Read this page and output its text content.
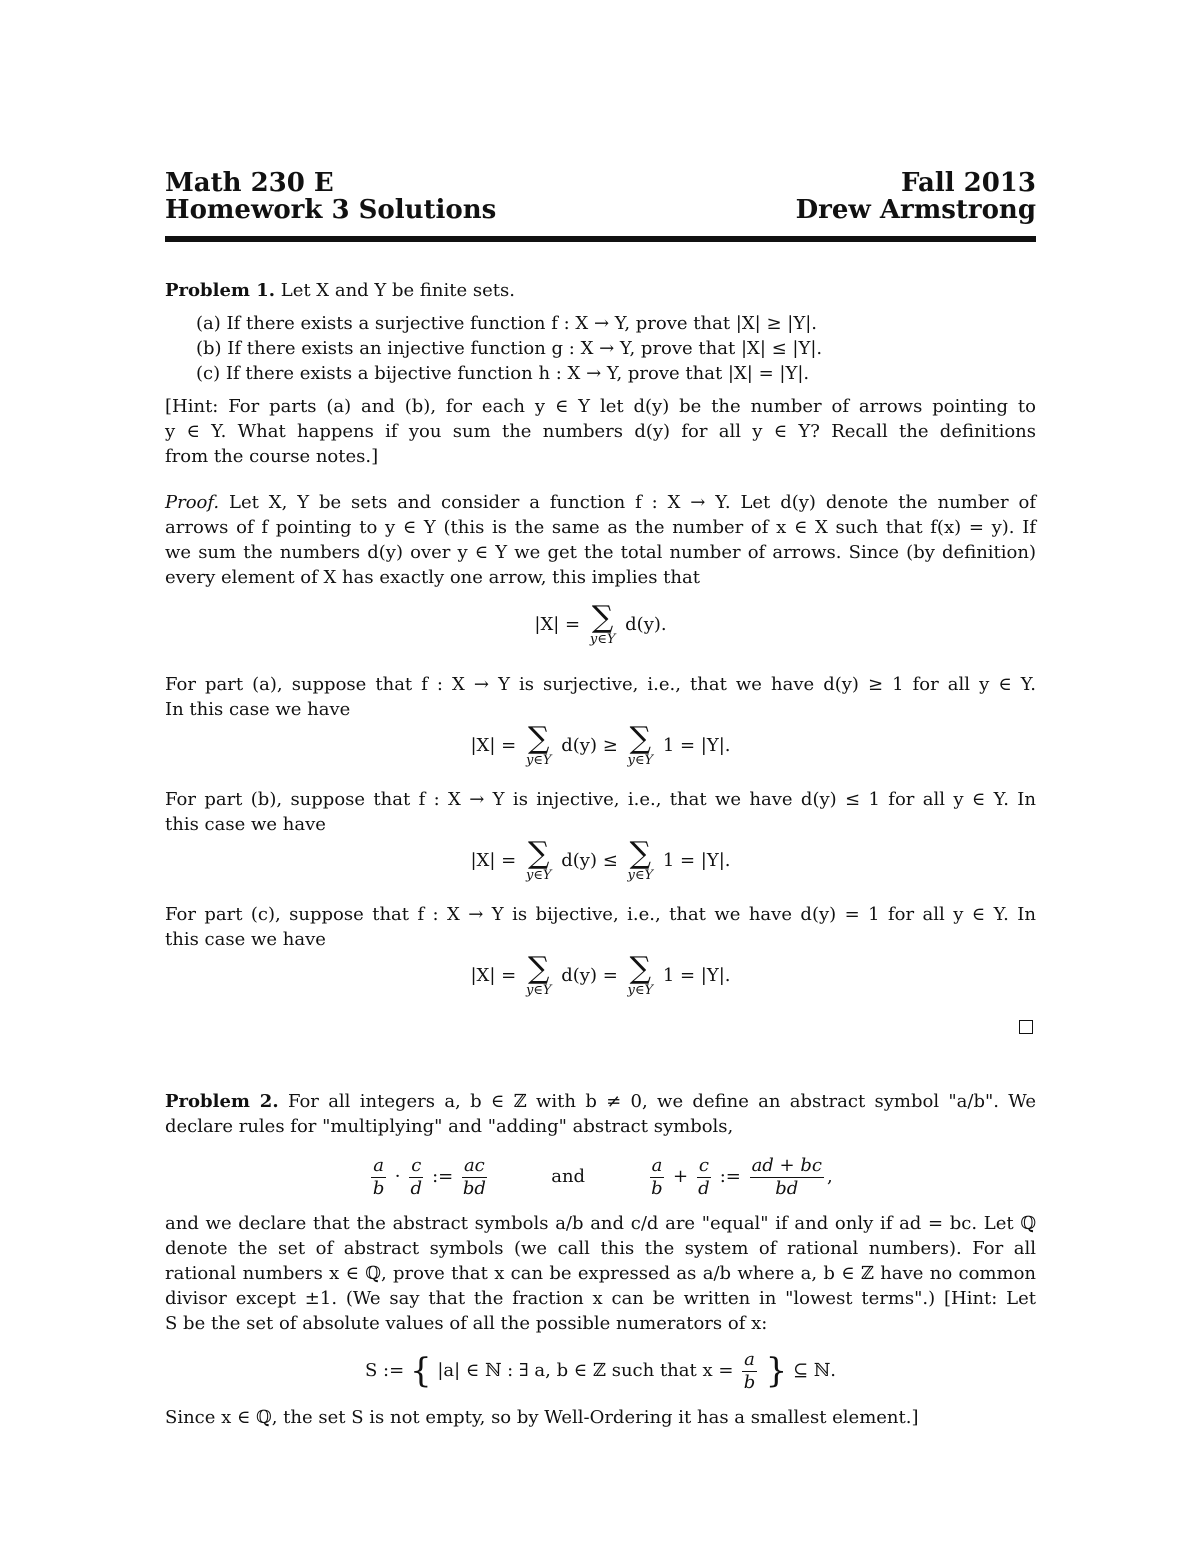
Math 230 E
Homework 3 Solutions
Fall 2013
Drew Armstrong
Problem 1. Let X and Y be finite sets.
(a) If there exists a surjective function f : X → Y, prove that |X| ≥ |Y|.
(b) If there exists an injective function g : X → Y, prove that |X| ≤ |Y|.
(c) If there exists a bijective function h : X → Y, prove that |X| = |Y|.
[Hint: For parts (a) and (b), for each y ∈ Y let d(y) be the number of arrows pointing to
y ∈ Y. What happens if you sum the numbers d(y) for all y ∈ Y? Recall the definitions
from the course notes.]
Proof. Let X, Y be sets and consider a function f : X → Y. Let d(y) denote the number of
arrows of f pointing to y ∈ Y (this is the same as the number of x ∈ X such that f(x) = y). If
we sum the numbers d(y) over y ∈ Y we get the total number of arrows. Since (by definition)
every element of X has exactly one arrow, this implies that
|X| = ∑
y∈Y
d(y).
For part (a), suppose that f : X → Y is surjective, i.e., that we have d(y) ≥ 1 for all y ∈ Y.
In this case we have
|X| = ∑
y∈Y
d(y) ≥ ∑
y∈Y
1 = |Y|.
For part (b), suppose that f : X → Y is injective, i.e., that we have d(y) ≤ 1 for all y ∈ Y. In
this case we have
|X| = ∑
y∈Y
d(y) ≤ ∑
y∈Y
1 = |Y|.
For part (c), suppose that f : X → Y is bijective, i.e., that we have d(y) = 1 for all y ∈ Y. In
this case we have
|X| = ∑
y∈Y
d(y) = ∑
y∈Y
1 = |Y|.
Problem 2. For all integers a, b ∈ ℤ with b ≠ 0, we define an abstract symbol "a/b". We
declare rules for "multiplying" and "adding" abstract symbols,
$\frac{a}{b} \cdot \frac{c}{d}$ := $\frac{ac}{bd}$	and	$\frac{a}{b} + \frac{c}{d}$ := $\frac{ad + bc}{bd}$ ,
and we declare that the abstract symbols a/b and c/d are "equal" if and only if ad = bc. Let ℚ
denote the set of abstract symbols (we call this the system of rational numbers). For all
rational numbers x ∈ ℚ, prove that x can be expressed as a/b where a, b ∈ ℤ have no common
divisor except ±1. (We say that the fraction x can be written in "lowest terms".) [Hint: Let
S be the set of absolute values of all the possible numerators of x:
S := { |a| ∈ ℕ : ∃ a, b ∈ ℤ such that $x = \frac{a}{b}$ } ⊆ ℕ.
Since x ∈ ℚ, the set S is not empty, so by Well-Ordering it has a smallest element.]
